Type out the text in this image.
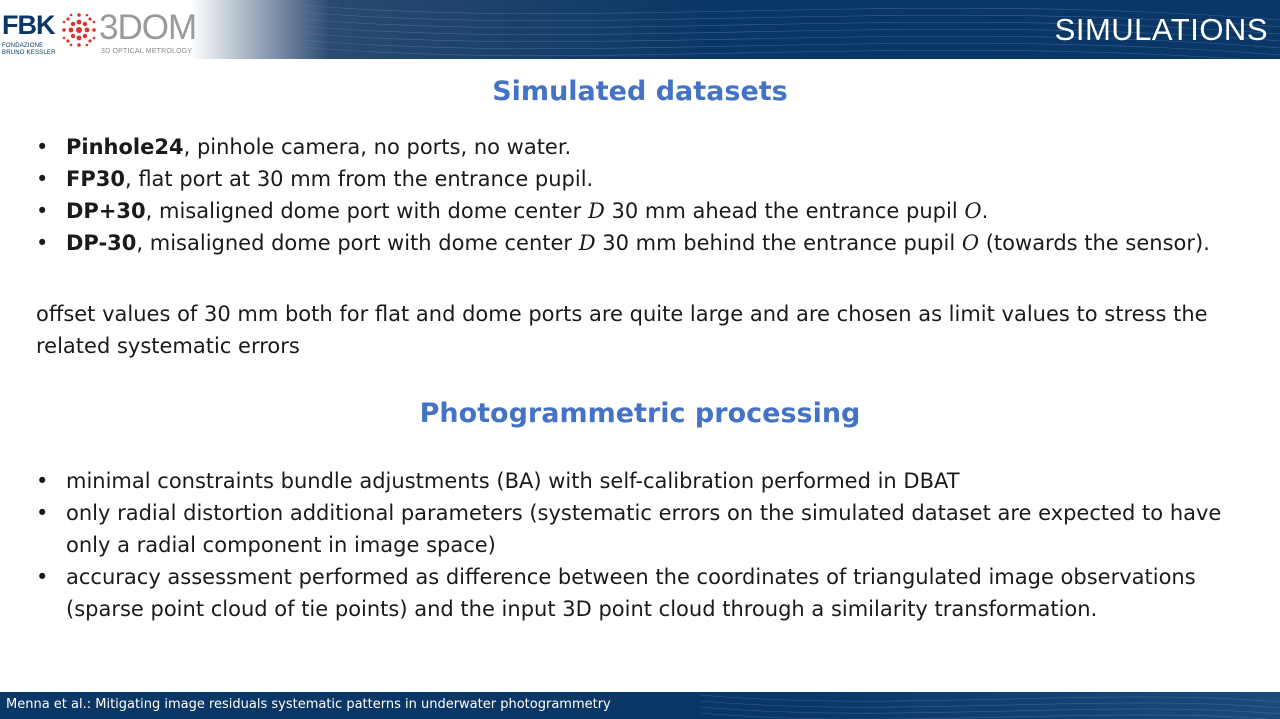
FBK
FONDAZIONE
BRUNO KESSLER
3DOM
3D OPTICAL METROLOGY
SIMULATIONS
Simulated datasets
• Pinhole24, pinhole camera, no ports, no water.
• FP30, flat port at 30 mm from the entrance pupil.
• DP+30, misaligned dome port with dome center D 30 mm ahead the entrance pupil O.
• DP-30, misaligned dome port with dome center D 30 mm behind the entrance pupil O (towards the sensor).
offset values of 30 mm both for flat and dome ports are quite large and are chosen as limit values to stress the related systematic errors
Photogrammetric processing
• minimal constraints bundle adjustments (BA) with self-calibration performed in DBAT
• only radial distortion additional parameters (systematic errors on the simulated dataset are expected to have only a radial component in image space)
• accuracy assessment performed as difference between the coordinates of triangulated image observations (sparse point cloud of tie points) and the input 3D point cloud through a similarity transformation.
Menna et al.: Mitigating image residuals systematic patterns in underwater photogrammetry
